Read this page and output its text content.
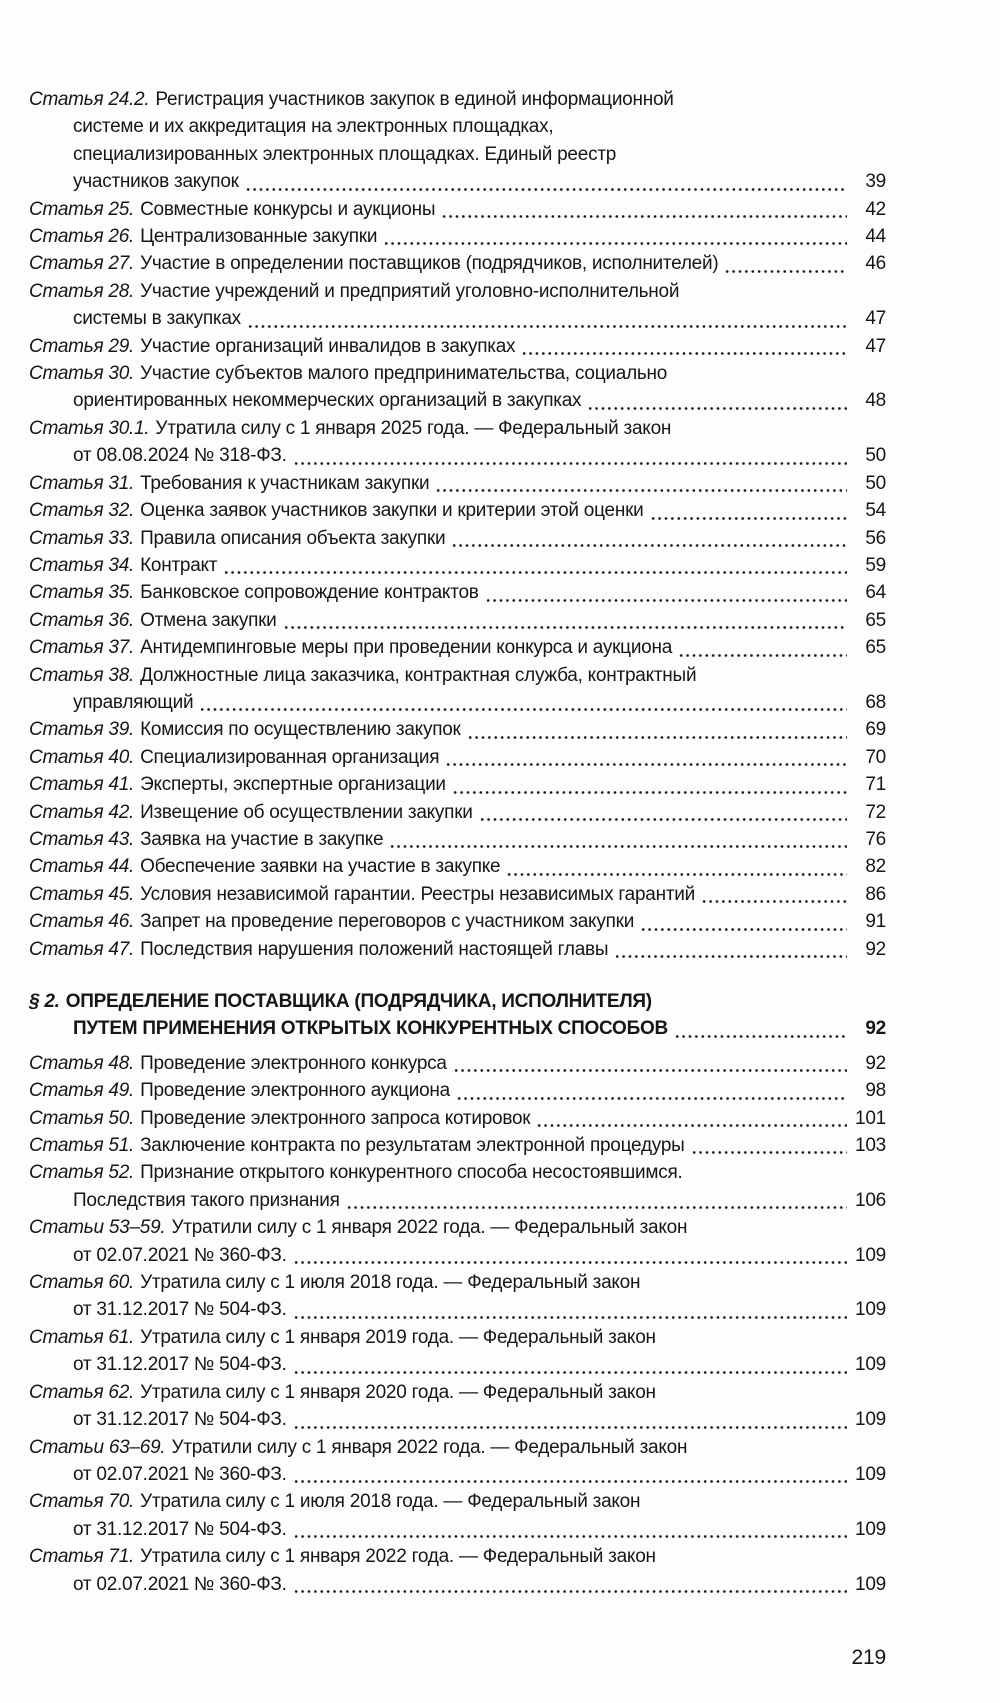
Статья 24.2. Регистрация участников закупок в единой информационной
системе и их аккредитация на электронных площадках,
специализированных электронных площадках. Единый реестр
участников закупок	39
Статья 25. Совместные конкурсы и аукционы	42
Статья 26. Централизованные закупки	44
Статья 27. Участие в определении поставщиков (подрядчиков, исполнителей)	46
Статья 28. Участие учреждений и предприятий уголовно-исполнительной
системы в закупках	47
Статья 29. Участие организаций инвалидов в закупках	47
Статья 30. Участие субъектов малого предпринимательства, социально
ориентированных некоммерческих организаций в закупках	48
Статья 30.1. Утратила силу с 1 января 2025 года. — Федеральный закон
от 08.08.2024 № 318-ФЗ.	50
Статья 31. Требования к участникам закупки	50
Статья 32. Оценка заявок участников закупки и критерии этой оценки	54
Статья 33. Правила описания объекта закупки	56
Статья 34. Контракт	59
Статья 35. Банковское сопровождение контрактов	64
Статья 36. Отмена закупки	65
Статья 37. Антидемпинговые меры при проведении конкурса и аукциона	65
Статья 38. Должностные лица заказчика, контрактная служба, контрактный
управляющий	68
Статья 39. Комиссия по осуществлению закупок	69
Статья 40. Специализированная организация	70
Статья 41. Эксперты, экспертные организации	71
Статья 42. Извещение об осуществлении закупки	72
Статья 43. Заявка на участие в закупке	76
Статья 44. Обеспечение заявки на участие в закупке	82
Статья 45. Условия независимой гарантии. Реестры независимых гарантий	86
Статья 46. Запрет на проведение переговоров с участником закупки	91
Статья 47. Последствия нарушения положений настоящей главы	92
§ 2. ОПРЕДЕЛЕНИЕ ПОСТАВЩИКА (ПОДРЯДЧИКА, ИСПОЛНИТЕЛЯ)
ПУТЕМ ПРИМЕНЕНИЯ ОТКРЫТЫХ КОНКУРЕНТНЫХ СПОСОБОВ	92
Статья 48. Проведение электронного конкурса	92
Статья 49. Проведение электронного аукциона	98
Статья 50. Проведение электронного запроса котировок	101
Статья 51. Заключение контракта по результатам электронной процедуры	103
Статья 52. Признание открытого конкурентного способа несостоявшимся.
Последствия такого признания	106
Статьи 53–59. Утратили силу с 1 января 2022 года. — Федеральный закон
от 02.07.2021 № 360-ФЗ.	109
Статья 60. Утратила силу с 1 июля 2018 года. — Федеральный закон
от 31.12.2017 № 504-ФЗ.	109
Статья 61. Утратила силу с 1 января 2019 года. — Федеральный закон
от 31.12.2017 № 504-ФЗ.	109
Статья 62. Утратила силу с 1 января 2020 года. — Федеральный закон
от 31.12.2017 № 504-ФЗ.	109
Статьи 63–69. Утратили силу с 1 января 2022 года. — Федеральный закон
от 02.07.2021 № 360-ФЗ.	109
Статья 70. Утратила силу с 1 июля 2018 года. — Федеральный закон
от 31.12.2017 № 504-ФЗ.	109
Статья 71. Утратила силу с 1 января 2022 года. — Федеральный закон
от 02.07.2021 № 360-ФЗ.	109
219
